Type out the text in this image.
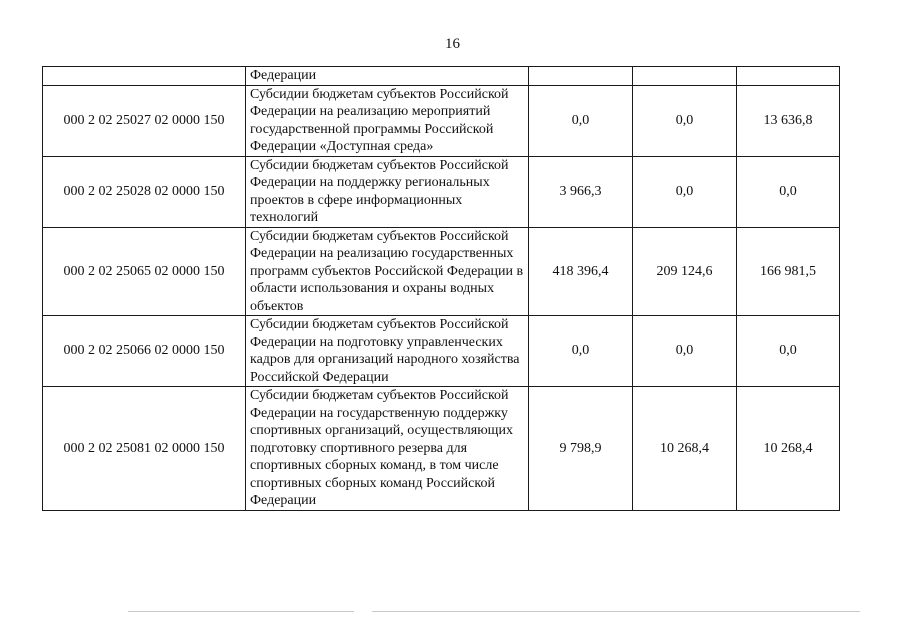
16
	Федерации			
000 2 02 25027 02 0000 150	Субсидии бюджетам субъектов Российской Федерации на реализацию мероприятий государственной программы Российской Федерации «Доступная среда»	0,0	0,0	13 636,8
000 2 02 25028 02 0000 150	Субсидии бюджетам субъектов Российской Федерации на поддержку региональных проектов в сфере информационных технологий	3 966,3	0,0	0,0
000 2 02 25065 02 0000 150	Субсидии бюджетам субъектов Российской Федерации на реализацию государственных программ субъектов Российской Федерации в области использования и охраны водных объектов	418 396,4	209 124,6	166 981,5
000 2 02 25066 02 0000 150	Субсидии бюджетам субъектов Российской Федерации на подготовку управленческих кадров для организаций народного хозяйства Российской Федерации	0,0	0,0	0,0
000 2 02 25081 02 0000 150	Субсидии бюджетам субъектов Российской Федерации на государственную поддержку спортивных организаций, осуществляющих подготовку спортивного резерва для спортивных сборных команд, в том числе спортивных сборных команд Российской Федерации	9 798,9	10 268,4	10 268,4
